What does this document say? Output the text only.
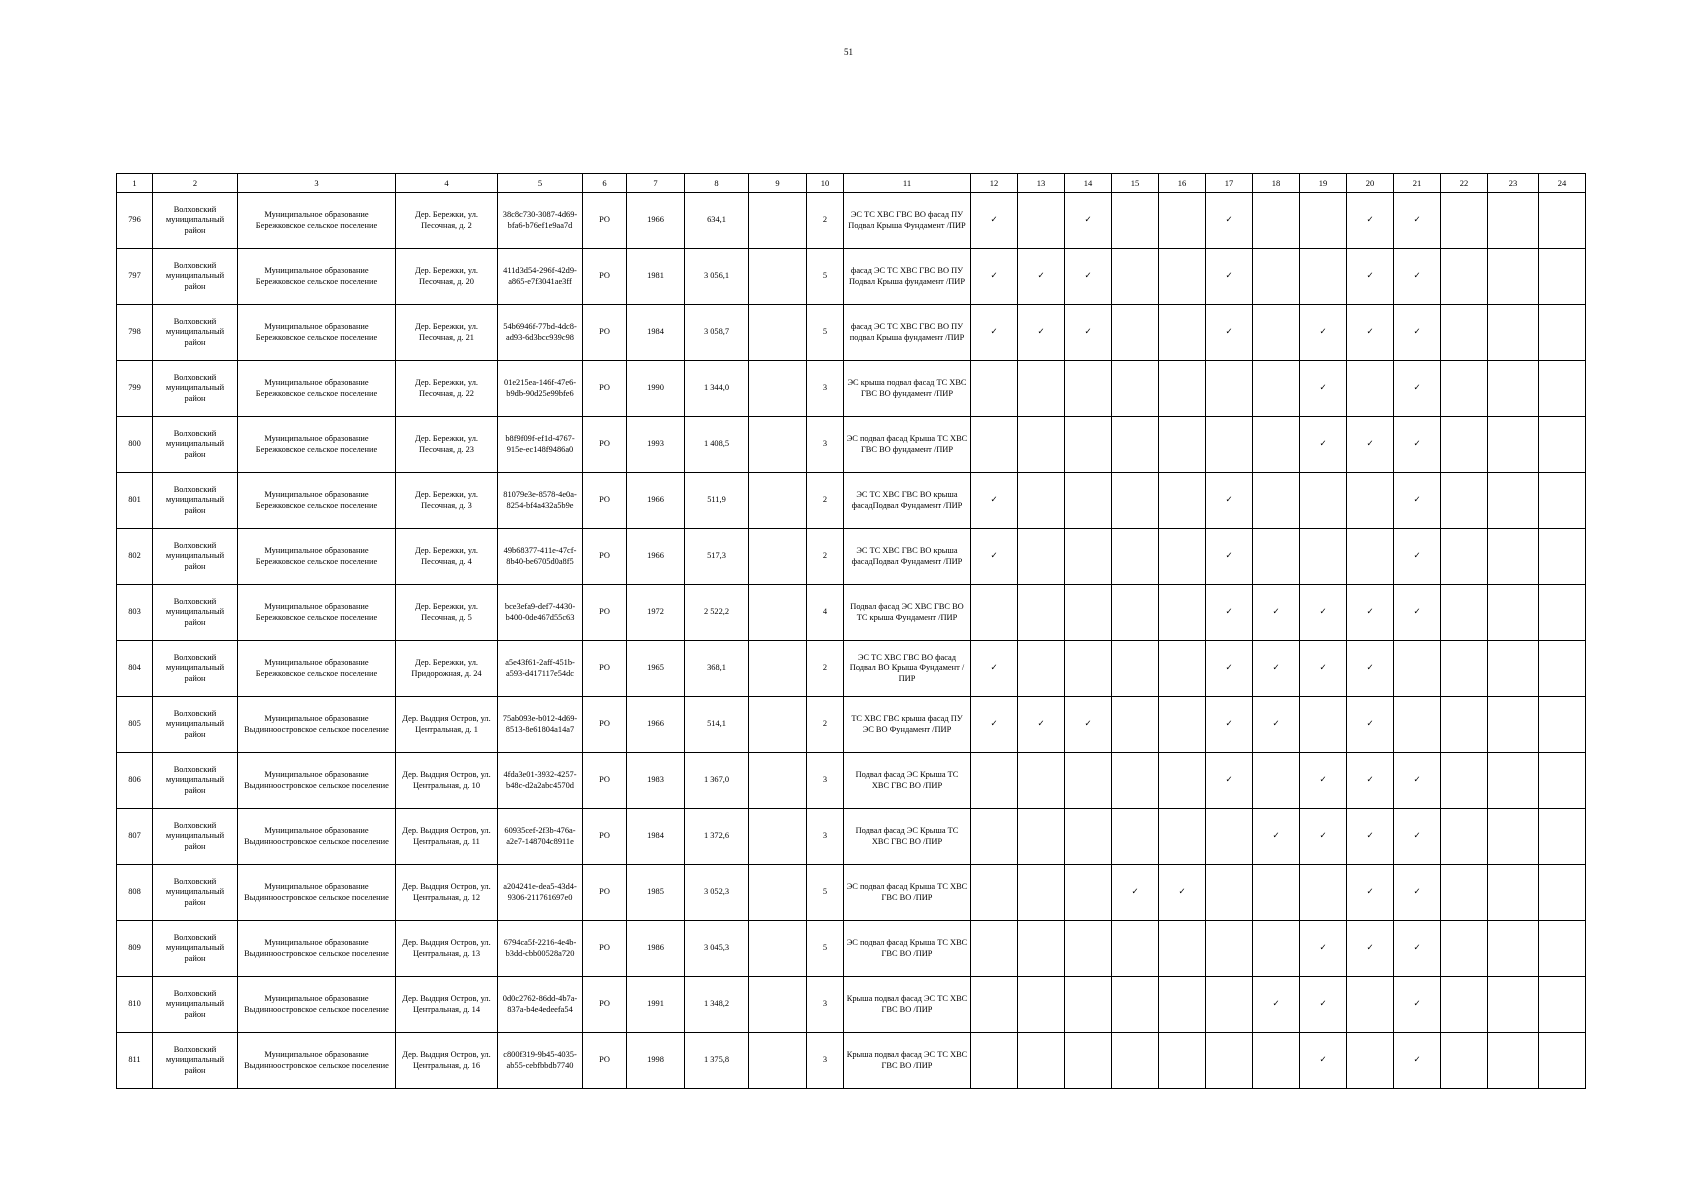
51
1	2	3	4	5	6	7	8	9	10	11	12	13	14	15	16	17	18	19	20	21	22	23	24
796	Волховский муниципальный район	Муниципальное образование Бережковское сельское поселение	Дер. Бережки, ул. Песочная, д. 2	38c8c730-3087-4d69-bfa6-b76ef1e9aa7d	РО	1966	634,1		2	ЭС ТС ХВС ГВС ВО фасад ПУ Подвал Крыша Фундамент /ПИР	✓		✓			✓			✓	✓			
797	Волховский муниципальный район	Муниципальное образование Бережковское сельское поселение	Дер. Бережки, ул. Песочная, д. 20	411d3d54-296f-42d9-a865-e7f3041ae3ff	РО	1981	3 056,1		5	фасад ЭС ТС ХВС ГВС ВО ПУ Подвал Крыша фундамент /ПИР	✓	✓	✓			✓			✓	✓			
798	Волховский муниципальный район	Муниципальное образование Бережковское сельское поселение	Дер. Бережки, ул. Песочная, д. 21	54b6946f-77bd-4dc8-ad93-6d3bcc939c98	РО	1984	3 058,7		5	фасад ЭС ТС ХВС ГВС ВО ПУ подвал Крыша фундамент /ПИР	✓	✓	✓			✓		✓	✓	✓			
799	Волховский муниципальный район	Муниципальное образование Бережковское сельское поселение	Дер. Бережки, ул. Песочная, д. 22	01e215ea-146f-47e6-b9db-90d25e99bfe6	РО	1990	1 344,0		3	ЭС крыша подвал фасад ТС ХВС ГВС ВО фундамент /ПИР								✓		✓			
800	Волховский муниципальный район	Муниципальное образование Бережковское сельское поселение	Дер. Бережки, ул. Песочная, д. 23	b8f9f09f-ef1d-4767-915e-ec148f9486a0	РО	1993	1 408,5		3	ЭС подвал фасад Крыша ТС ХВС ГВС ВО фундамент /ПИР								✓	✓	✓			
801	Волховский муниципальный район	Муниципальное образование Бережковское сельское поселение	Дер. Бережки, ул. Песочная, д. 3	81079e3e-8578-4e0a-8254-bf4a432a5b9e	РО	1966	511,9		2	ЭС ТС ХВС ГВС ВО крыша фасадПодвал Фундамент /ПИР	✓					✓				✓			
802	Волховский муниципальный район	Муниципальное образование Бережковское сельское поселение	Дер. Бережки, ул. Песочная, д. 4	49b68377-411e-47cf-8b40-be6705d0a8f5	РО	1966	517,3		2	ЭС ТС ХВС ГВС ВО крыша фасадПодвал Фундамент /ПИР	✓					✓				✓			
803	Волховский муниципальный район	Муниципальное образование Бережковское сельское поселение	Дер. Бережки, ул. Песочная, д. 5	bce3efa9-def7-4430-b400-0de467d55c63	РО	1972	2 522,2		4	Подвал фасад ЭС ХВС ГВС ВО ТС крыша Фундамент /ПИР						✓	✓	✓	✓	✓			
804	Волховский муниципальный район	Муниципальное образование Бережковское сельское поселение	Дер. Бережки, ул. Придорожная, д. 24	a5e43f61-2aff-451b-a593-d417117e54dc	РО	1965	368,1		2	ЭС ТС ХВС ГВС ВО фасад Подвал ВО Крыша Фундамент /ПИР	✓					✓	✓	✓	✓				
805	Волховский муниципальный район	Муниципальное образование Выдинноостровское сельское поселение	Дер. Выдция Остров, ул. Центральная, д. 1	75ab093e-b012-4d69-8513-8e61804a14a7	РО	1966	514,1		2	ТС ХВС ГВС крыша фасад ПУ ЭС ВО Фундамент /ПИР	✓	✓	✓			✓	✓		✓				
806	Волховский муниципальный район	Муниципальное образование Выдинноостровское сельское поселение	Дер. Выдция Остров, ул. Центральная, д. 10	4fda3e01-3932-4257-b48c-d2a2abc4570d	РО	1983	1 367,0		3	Подвал фасад ЭС Крыша ТС ХВС ГВС ВО /ПИР						✓		✓	✓	✓			
807	Волховский муниципальный район	Муниципальное образование Выдинноостровское сельское поселение	Дер. Выдция Остров, ул. Центральная, д. 11	60935cef-2f3b-476a-a2e7-148704c8911e	РО	1984	1 372,6		3	Подвал фасад ЭС Крыша ТС ХВС ГВС ВО /ПИР							✓	✓	✓	✓			
808	Волховский муниципальный район	Муниципальное образование Выдинноостровское сельское поселение	Дер. Выдция Остров, ул. Центральная, д. 12	a204241e-dea5-43d4-9306-211761697e0	РО	1985	3 052,3		5	ЭС подвал фасад Крыша ТС ХВС ГВС ВО /ПИР				✓	✓				✓	✓			
809	Волховский муниципальный район	Муниципальное образование Выдинноостровское сельское поселение	Дер. Выдция Остров, ул. Центральная, д. 13	6794ca5f-2216-4e4b-b3dd-cbb00528a720	РО	1986	3 045,3		5	ЭС подвал фасад Крыша ТС ХВС ГВС ВО /ПИР								✓	✓	✓			
810	Волховский муниципальный район	Муниципальное образование Выдинноостровское сельское поселение	Дер. Выдция Остров, ул. Центральная, д. 14	0d0c2762-86dd-4b7a-837a-b4e4edeefa54	РО	1991	1 348,2		3	Крыша подвал фасад ЭС ТС ХВС ГВС ВО /ПИР							✓	✓		✓			
811	Волховский муниципальный район	Муниципальное образование Выдинноостровское сельское поселение	Дер. Выдция Остров, ул. Центральная, д. 16	c800f319-9b45-4035-ab55-cebfbbdb7740	РО	1998	1 375,8		3	Крыша подвал фасад ЭС ТС ХВС ГВС ВО /ПИР								✓		✓			
